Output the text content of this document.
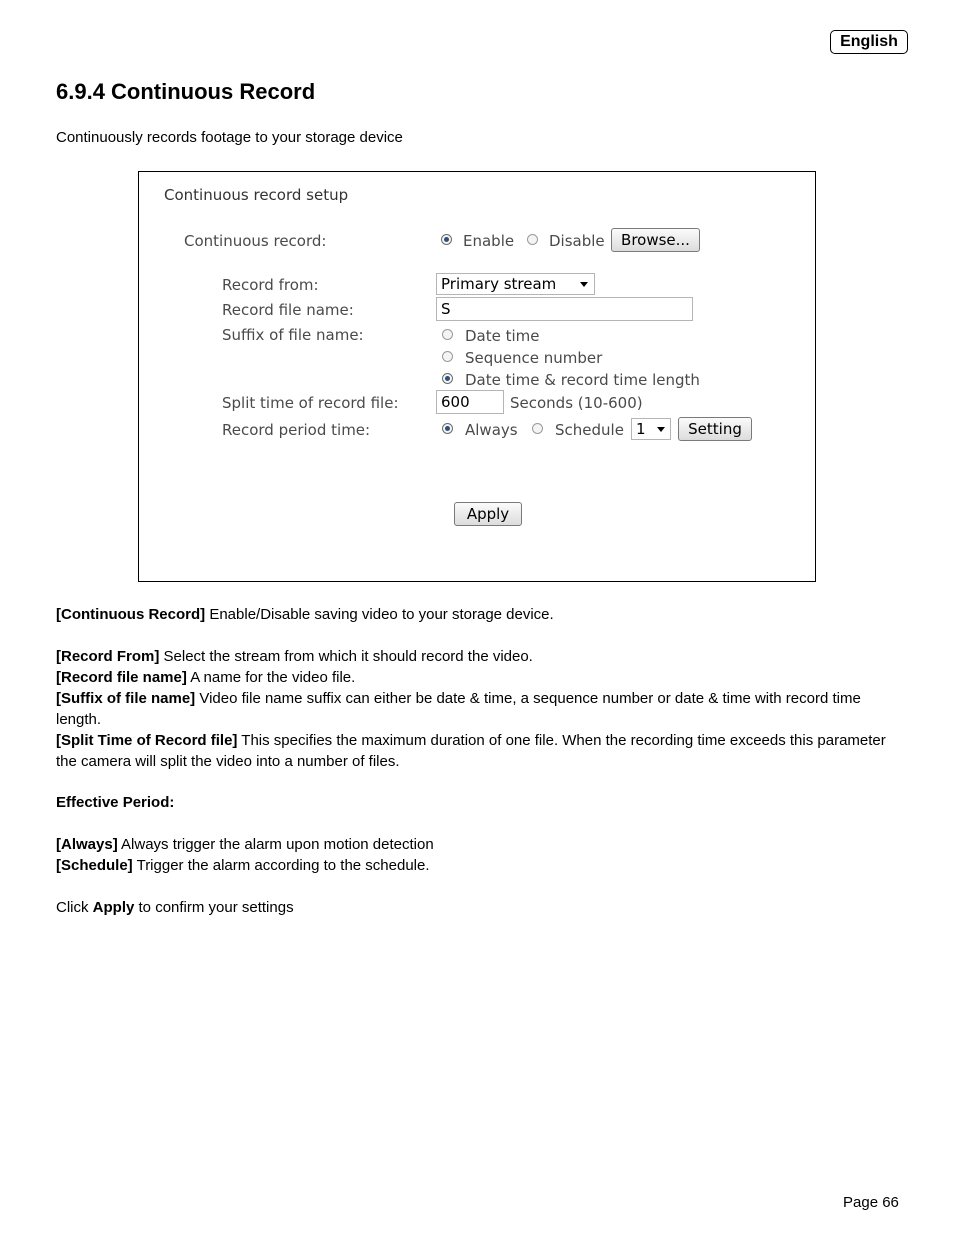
English
6.9.4 Continuous Record
Continuously records footage to your storage device
Continuous record setup
Continuous record:	Enable Disable	Browse...
Record from:	Primary stream
Record file name:	S
Suffix of file name:	Date time
Sequence number
Date time & record time length
Split time of record file:	600	Seconds (10-600)
Record period time:	Always Schedule 1	Setting
Apply
[Continuous Record] Enable/Disable saving video to your storage device.
[Record From] Select the stream from which it should record the video.
[Record file name] A name for the video file.
[Suffix of file name] Video file name suffix can either be date & time, a sequence number or date & time with record time length.
[Split Time of Record file] This specifies the maximum duration of one file. When the recording time exceeds this parameter the camera will split the video into a number of files.
Effective Period:
[Always] Always trigger the alarm upon motion detection
[Schedule] Trigger the alarm according to the schedule.
Click Apply to confirm your settings
Page 66
